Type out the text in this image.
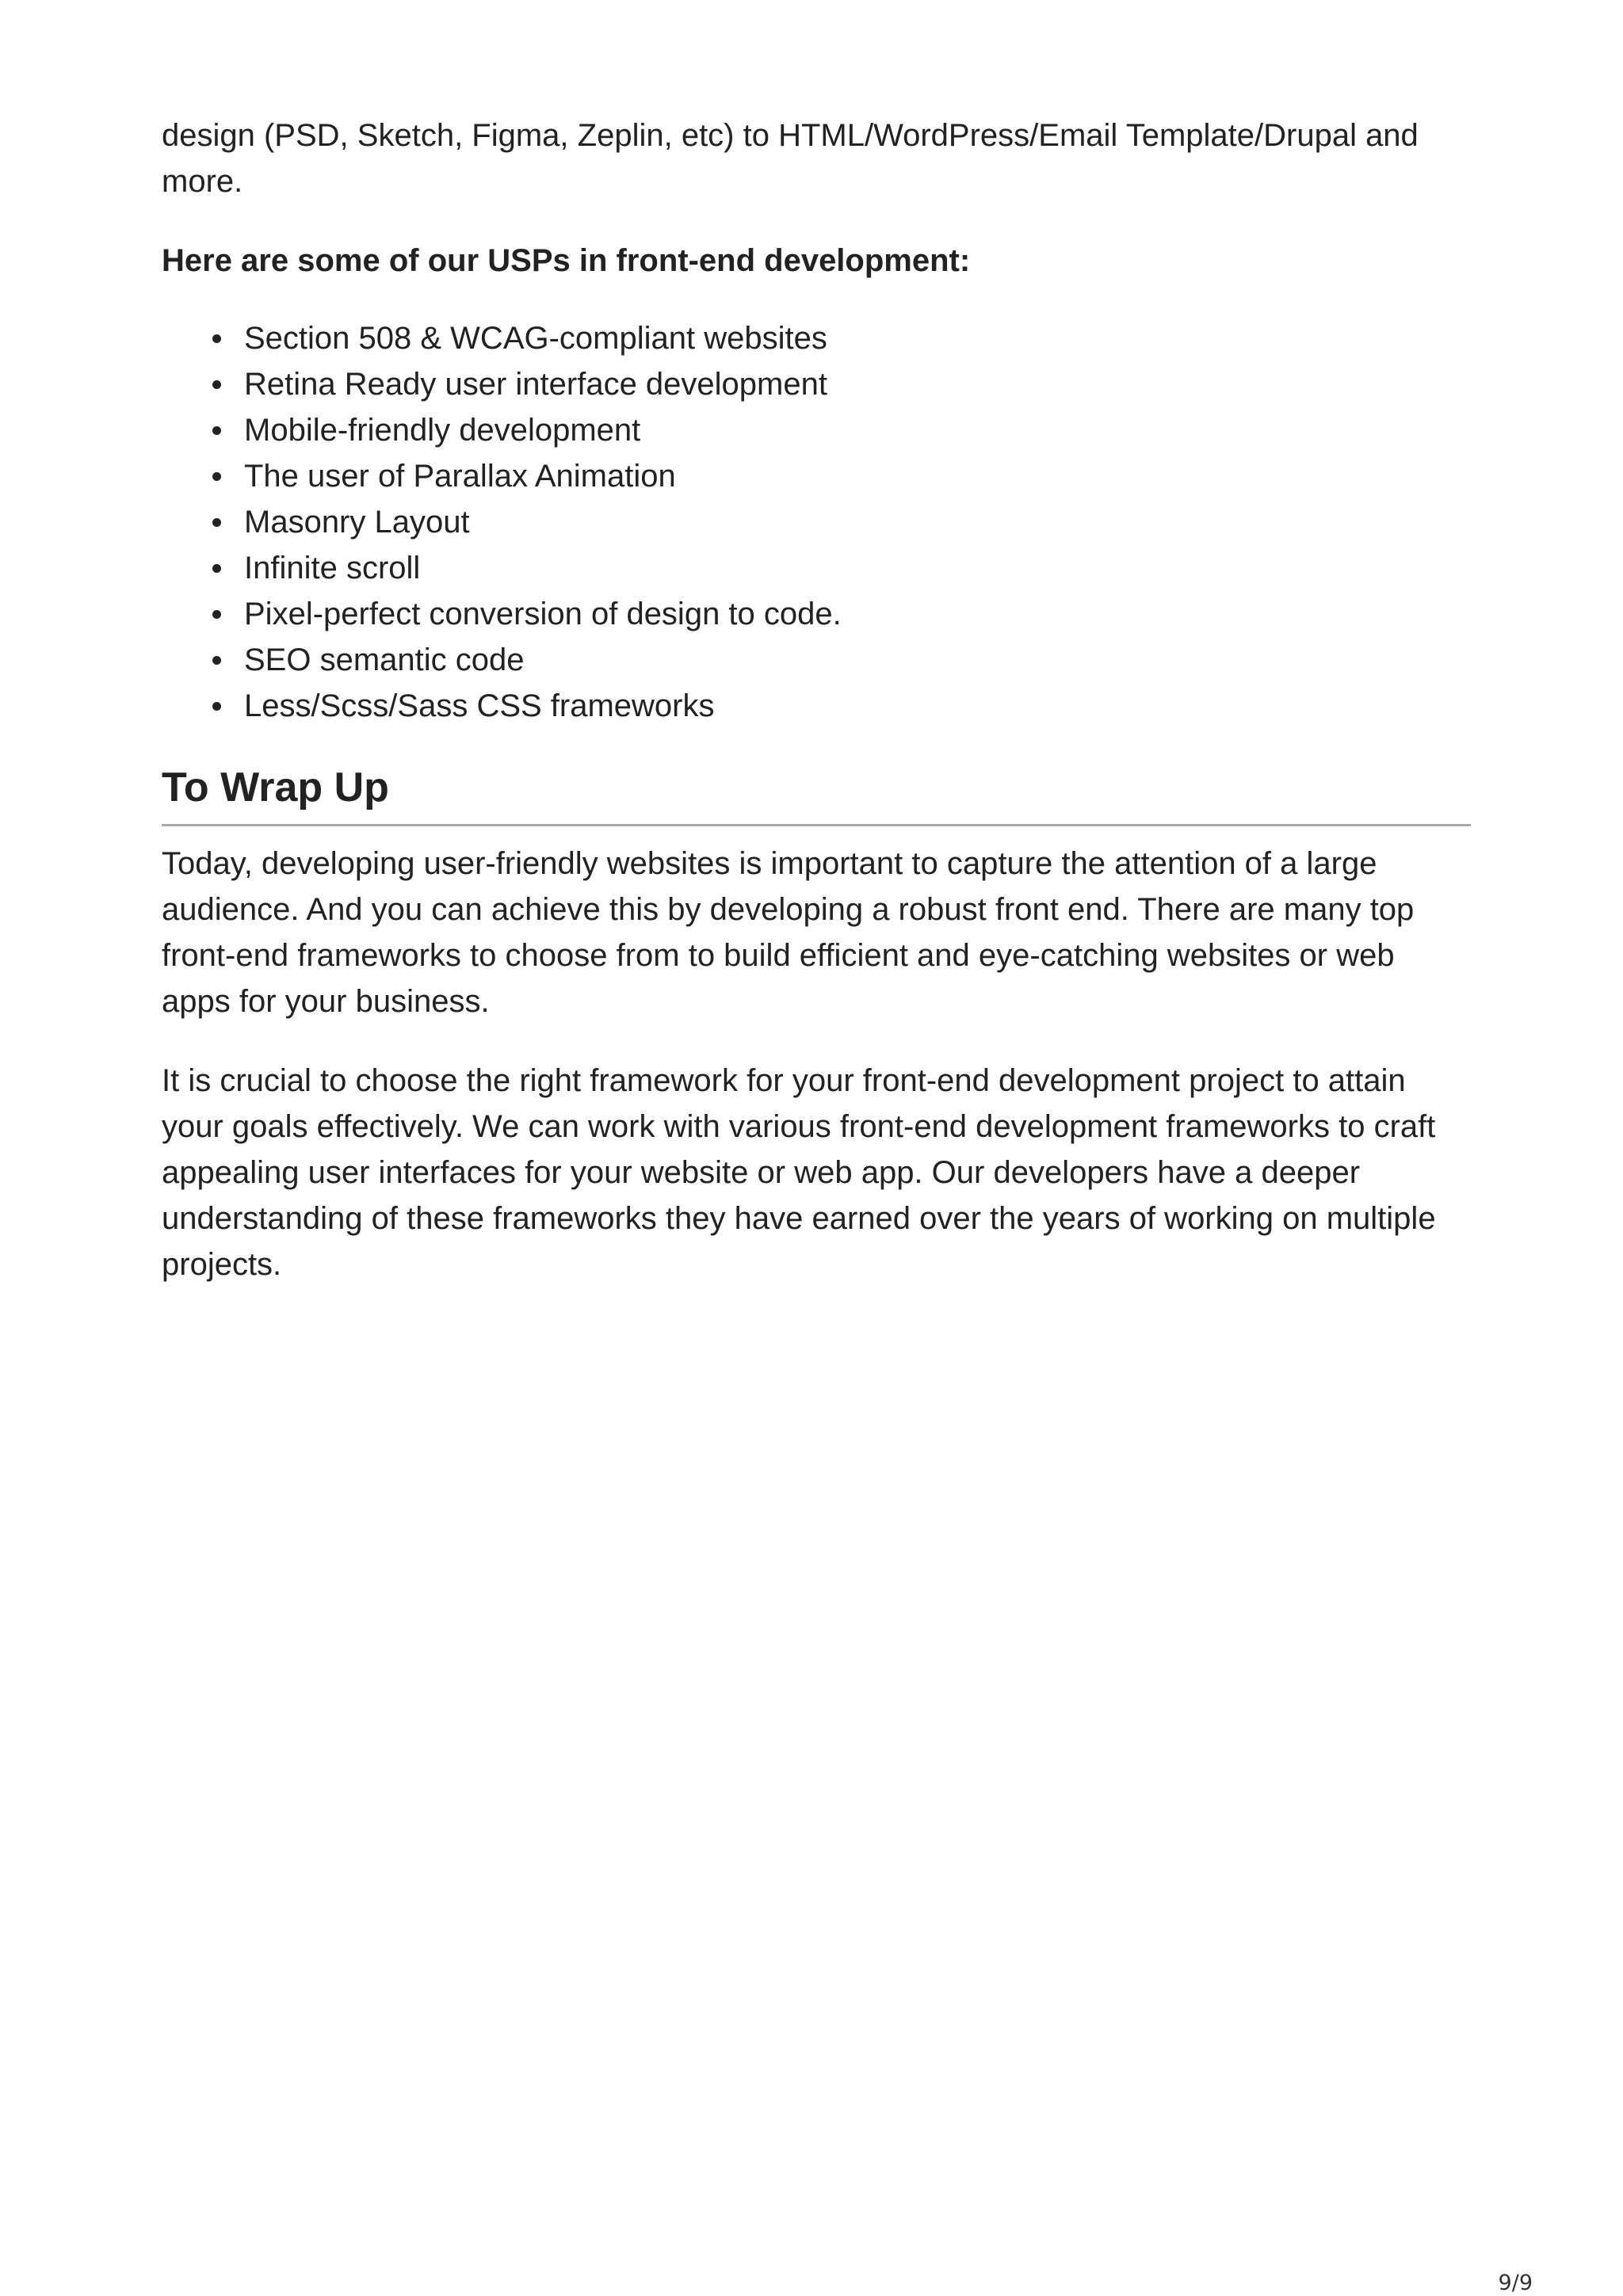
design (PSD, Sketch, Figma, Zeplin, etc) to HTML/WordPress/Email Template/Drupal and more.

Here are some of our USPs in front-end development:

Section 508 & WCAG-compliant websites
Retina Ready user interface development
Mobile-friendly development
The user of Parallax Animation
Masonry Layout
Infinite scroll
Pixel-perfect conversion of design to code.
SEO semantic code
Less/Scss/Sass CSS frameworks
To Wrap Up

Today, developing user-friendly websites is important to capture the attention of a large audience. And you can achieve this by developing a robust front end. There are many top front-end frameworks to choose from to build efficient and eye-catching websites or web apps for your business.

It is crucial to choose the right framework for your front-end development project to attain your goals effectively. We can work with various front-end development frameworks to craft appealing user interfaces for your website or web app. Our developers have a deeper understanding of these frameworks they have earned over the years of working on multiple projects.

9/9
